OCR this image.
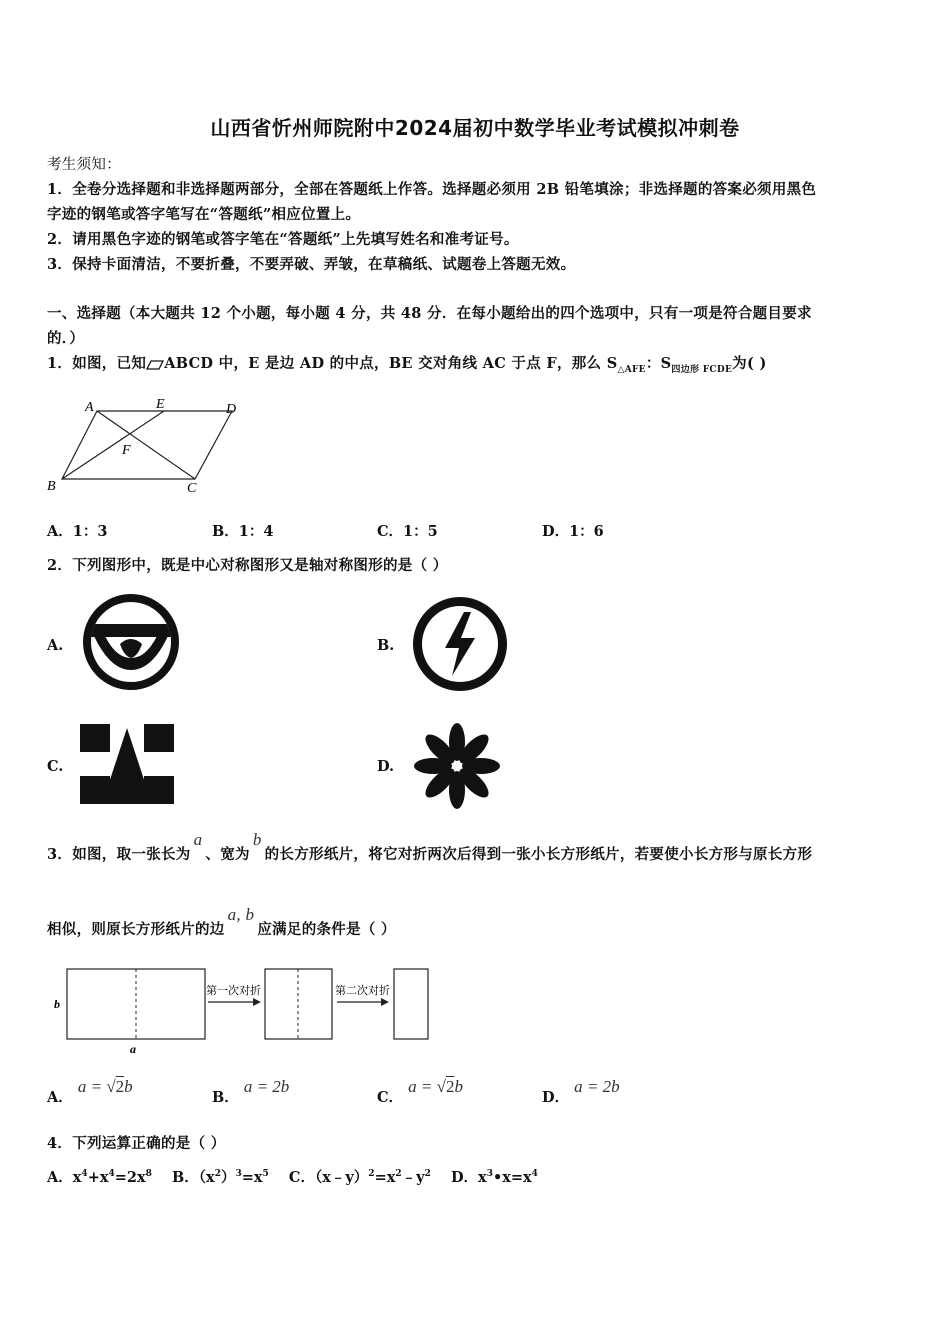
山西省忻州师院附中2024届初中数学毕业考试模拟冲刺卷
考生须知：
1．全卷分选择题和非选择题两部分，全部在答题纸上作答。选择题必须用 2B 铅笔填涂；非选择题的答案必须用黑色
字迹的钢笔或答字笔写在“答题纸”相应位置上。
2．请用黑色字迹的钢笔或答字笔在“答题纸”上先填写姓名和准考证号。
3．保持卡面清洁，不要折叠，不要弄破、弄皱，在草稿纸、试题卷上答题无效。
一、选择题（本大题共 12 个小题，每小题 4 分，共 48 分．在每小题给出的四个选项中，只有一项是符合题目要求
的．）
1．如图，已知 ABCD 中，E 是边 AD 的中点，BE 交对角线 AC 于点 F，那么 $S_{\triangle AFE}$：$S_{四边形 FCDE}$为( )
A	E	D
F
B	C
A．1：3	B．1：4	C．1：5	D．1：6
2．下列图形中，既是中心对称图形又是轴对称图形的是（ ）
A.	B.
C.	D.
3．如图，取一张长为a、宽为b的长方形纸片，将它对折两次后得到一张小长方形纸片，若要使小长方形与原长方形
相似，则原长方形纸片的边a, b应满足的条件是（ ）
b
a
第一次对折	第二次对折
A． a = √2b
B． a = 2b
C． a = √2b
D． a = 2b
4．下列运算正确的是（ ）
A．$x^4+x^4=2x^8$ B．$(x^2)^3=x^5$ C．$(x﹣y)^2=x^2﹣y^2$ D．$x^3•x=x^4$
